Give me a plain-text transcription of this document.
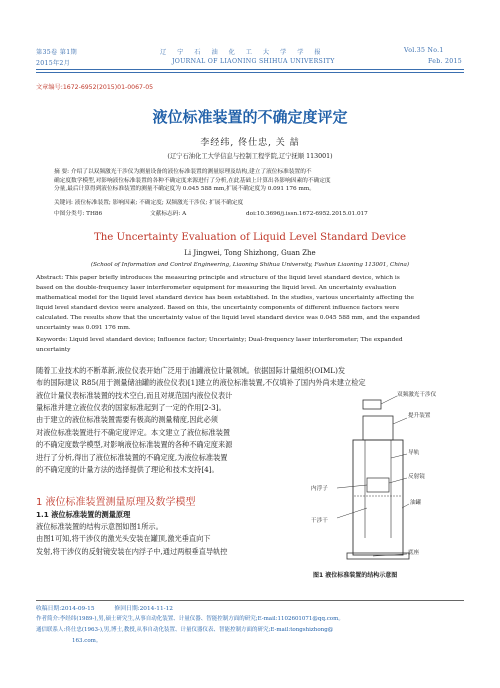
第35卷 第1期
2015年2月
辽 宁 石 油 化 工 大 学 学 报
JOURNAL OF LIAONING SHIHUA UNIVERSITY
Vol.35 No.1
Feb. 2015
文章编号:1672-6952(2015)01-0067-05
液位标准装置的不确定度评定
李经纬, 佟仕忠, 关 喆
(辽宁石油化工大学信息与控制工程学院,辽宁抚顺 113001)

摘 要: 介绍了以双频激光干涉仪为测量设备的液位标准装置的测量原理及结构,建立了液位标准装置的不

确定度数学模型,对影响液位标准装置的各种不确定度来源进行了分析,在此基础上计算出各影响因素的不确定度

分量,最后计算得到液位标准装置的测量不确定度为 0.045 588 mm,扩展不确定度为 0.091 176 mm。

关键词: 液位标准装置; 影响因素; 不确定度; 双频激光干涉仪; 扩展不确定度
中图分类号: TH86	文献标志码: A	doi:10.3696/j.issn.1672-6952.2015.01.017
The Uncertainty Evaluation of Liquid Level Standard Device
Li Jingwei, Tong Shizhong, Guan Zhe
(School of Information and Control Engineering, Liaoning Shihua University, Fushun Liaoning 113001, China)

Abstract: This paper briefly introduces the measuring principle and structure of the liquid level standard device, which is

based on the double-frequency laser interferometer equipment for measuring the liquid level. An uncertainty evaluation

mathematical model for the liquid level standard device has been established. In the studies, various uncertainty affecting the

liquid level standard device were analyzed. Based on this, the uncertainty components of different influence factors were

calculated. The results show that the uncertainty value of the liquid level standard device was 0.045 588 mm, and the expanded

uncertainty was 0.091 176 mm.

Keywords: Liquid level standard device; Influence factor; Uncertainty; Dual-frequency laser interferometer; The expanded

uncertainty

随着工业技术的不断革新,液位仪表开始广泛用于油罐液位计量领域。依据国际计量组织(OIML)发

布的国际建议 R85(用于测量储油罐的液位仪表)[1]建立的液位标准装置,不仅填补了国内外尚未建立检定

液位计量仪表标准装置的技术空白,而且对规范国内液位仪表计

量标准并建立液位仪表的国家标准起到了一定的作用[2-3]。

由于建立的液位标准装置需要有极高的测量精度,因此必须

对液位标准装置进行不确定度评定。本文建立了液位标准装置

的不确定度数学模型,对影响液位标准装置的各种不确定度来源

进行了分析,得出了液位标准装置的不确定度,为液位标准装置

的不确定度的计量方法的选择提供了理论和技术支持[4]。

1 液位标准装置测量原理及数学模型
1.1 液位标准装置的测量原理

液位标准装置的结构示意图如图1所示。

由图1可知,将干涉仪的激光头安装在罐顶,激光垂直向下

发射,将干涉仪的反射镜安装在内浮子中,通过两根垂直导轨控

双频激光干涉仪
提升装置
导轨
反射镜
内浮子
油罐
干涉干
底座
图1 液位标准装置的结构示意图
收稿日期:2014-09-15	修回日期:2014-11-12
作者简介:李经纬(1989-),男,硕士研究生,从事自动化装置、计量仪器、智能控制方面的研究;E-mail:1102601071@qq.com。
通信联系人:佟仕忠(1963-),男,博士,教授,从事自动化装置、计量仪器仪表、智能控制方面的研究;E-mail:tongshizhong@
163.com。
